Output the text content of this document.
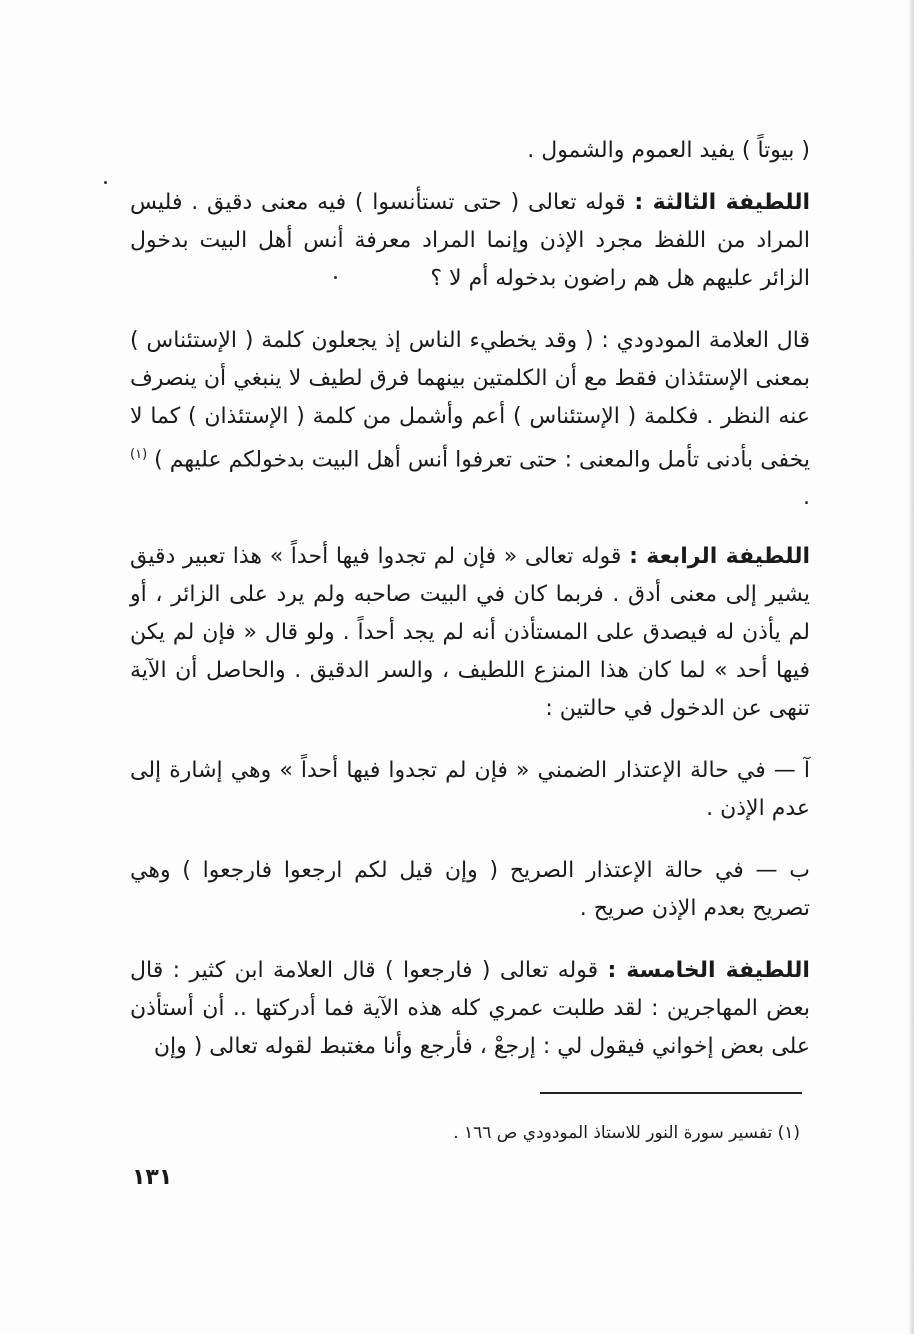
( بيوتاً ) يفيد العموم والشمول .
اللطيفة الثالثة : قوله تعالى ( حتى تستأنسوا ) فيه معنى دقيق . فليس المراد من اللفظ مجرد الإذن وإنما المراد معرفة أنس أهل البيت بدخول الزائر عليهم هل هم راضون بدخوله أم لا ؟
قال العلامة المودودي : ( وقد يخطيء الناس إذ يجعلون كلمة ( الإستئناس ) بمعنى الإستئذان فقط مع أن الكلمتين بينهما فرق لطيف لا ينبغي أن ينصرف عنه النظر . فكلمة ( الإستئناس ) أعم وأشمل من كلمة ( الإستئذان ) كما لا يخفى بأدنى تأمل والمعنى : حتى تعرفوا أنس أهل البيت بدخولكم عليهم ) $^{(١)}$ .
اللطيفة الرابعة : قوله تعالى « فإن لم تجدوا فيها أحداً » هذا تعبير دقيق يشير إلى معنى أدق . فربما كان في البيت صاحبه ولم يرد على الزائر ، أو لم يأذن له فيصدق على المستأذن أنه لم يجد أحداً . ولو قال « فإن لم يكن فيها أحد » لما كان هذا المنزع اللطيف ، والسر الدقيق . والحاصل أن الآية تنهى عن الدخول في حالتين :
آ — في حالة الإعتذار الضمني « فإن لم تجدوا فيها أحداً » وهي إشارة إلى عدم الإذن .
ب — في حالة الإعتذار الصريح ( وإن قيل لكم ارجعوا فارجعوا ) وهي تصريح بعدم الإذن صريح .
اللطيفة الخامسة : قوله تعالى ( فارجعوا ) قال العلامة ابن كثير : قال بعض المهاجرين : لقد طلبت عمري كله هذه الآية فما أدركتها .. أن أستأذن على بعض إخواني فيقول لي : إرجعْ ، فأرجع وأنا مغتبط لقوله تعالى ( وإن
(١) تفسير سورة النور للاستاذ المودودي ص ١٦٦ .
١٣١
